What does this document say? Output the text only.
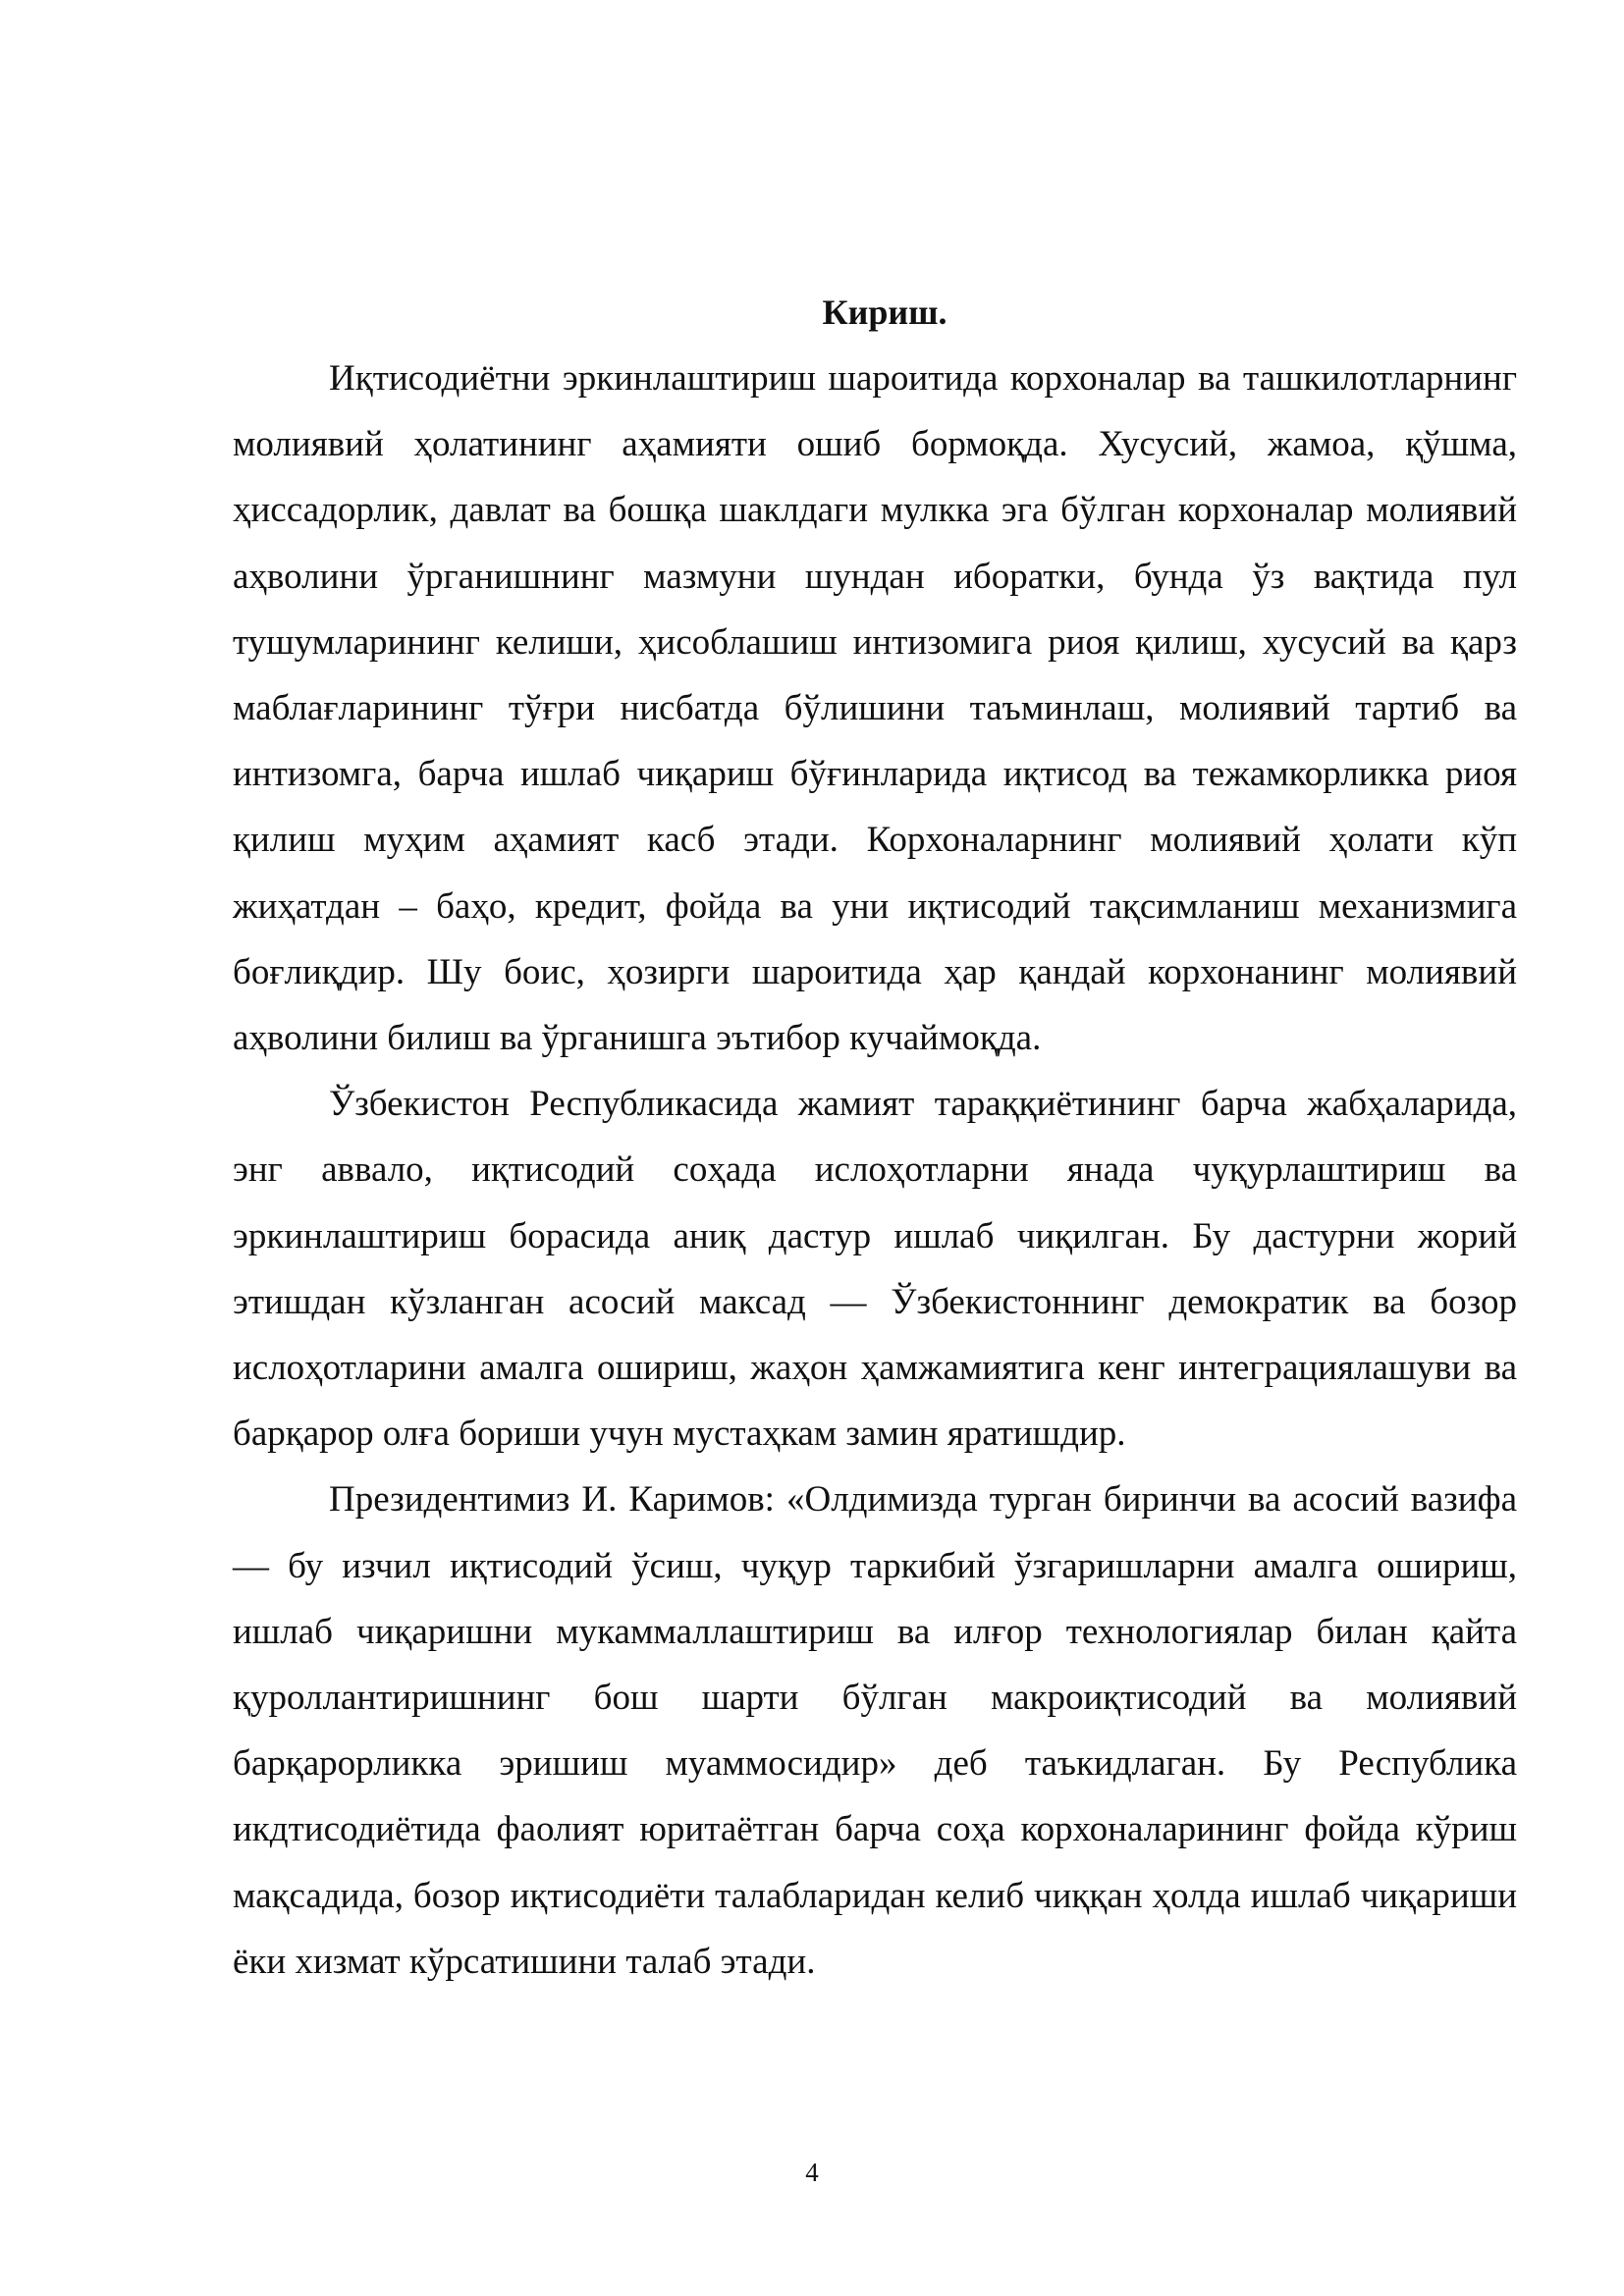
Кириш.

Иқтисодиётни эркинлаштириш шароитида корхоналар ва ташкилотларнинг молиявий ҳолатининг аҳамияти ошиб бормоқда. Хусусий, жамоа, қўшма, ҳиссадорлик, давлат ва бошқа шаклдаги мулкка эга бўлган корхоналар молиявий аҳволини ўрганишнинг мазмуни шундан иборатки, бунда ўз вақтида пул тушумларининг келиши, ҳисоблашиш интизомига риоя қилиш, хусусий ва қарз маблағларининг тўғри нисбатда бўлишини таъминлаш, молиявий тартиб ва интизомга, барча ишлаб чиқариш бўғинларида иқтисод ва тежамкорликка риоя қилиш муҳим аҳамият касб этади. Корхоналарнинг молиявий ҳолати кўп жиҳатдан – баҳо, кредит, фойда ва уни иқтисодий тақсимланиш механизмига боғлиқдир. Шу боис, ҳозирги шароитида ҳар қандай корхонанинг молиявий аҳволини билиш ва ўрганишга эътибор кучаймоқда.

Ўзбекистон Республикасида жамият тараққиётининг барча жабҳаларида, энг аввало, иқтисодий соҳада ислоҳотларни янада чуқурлаштириш ва эркинлаштириш борасида аниқ дастур ишлаб чиқилган. Бу дастурни жорий этишдан кўзланган асосий максад — Ўзбекистоннинг демократик ва бозор ислоҳотларини амалга ошириш, жаҳон ҳамжамиятига кенг интеграциялашуви ва барқарор олға бориши учун мустаҳкам замин яратишдир.

Президентимиз И. Каримов: «Олдимизда турган биринчи ва асосий вазифа — бу изчил иқтисодий ўсиш, чуқур таркибий ўзгаришларни амалга ошириш, ишлаб чиқаришни мукаммаллаштириш ва илғор технологиялар билан қайта қуроллантиришнинг бош шарти бўлган макроиқтисодий ва молиявий барқарорликка эришиш муаммосидир» деб таъкидлаган. Бу Республика икдтисодиётида фаолият юритаётган барча соҳа корхоналарининг фойда кўриш мақсадида, бозор иқтисодиёти талабларидан келиб чиққан ҳолда ишлаб чиқариши ёки хизмат кўрсатишини талаб этади.

4
